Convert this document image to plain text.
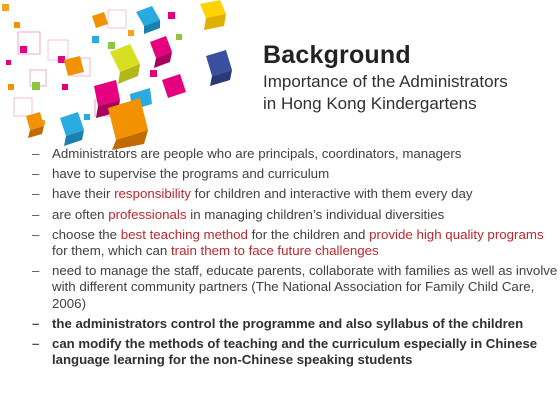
Background
Importance of the Administrators
in Hong Kong Kindergartens
– Administrators are people who are principals, coordinators, managers
– have to supervise the programs and curriculum
– have their responsibility for children and interactive with them every day
– are often professionals in managing children’s individual diversities
– choose the best teaching method for the children and provide high quality programs for them, which can train them to face future challenges
– need to manage the staff, educate parents, collaborate with families as well as involve with different community partners (The National Association for Family Child Care, 2006)
– the administrators control the programme and also syllabus of the children
– can modify the methods of teaching and the curriculum especially in Chinese language learning for the non-Chinese speaking students
